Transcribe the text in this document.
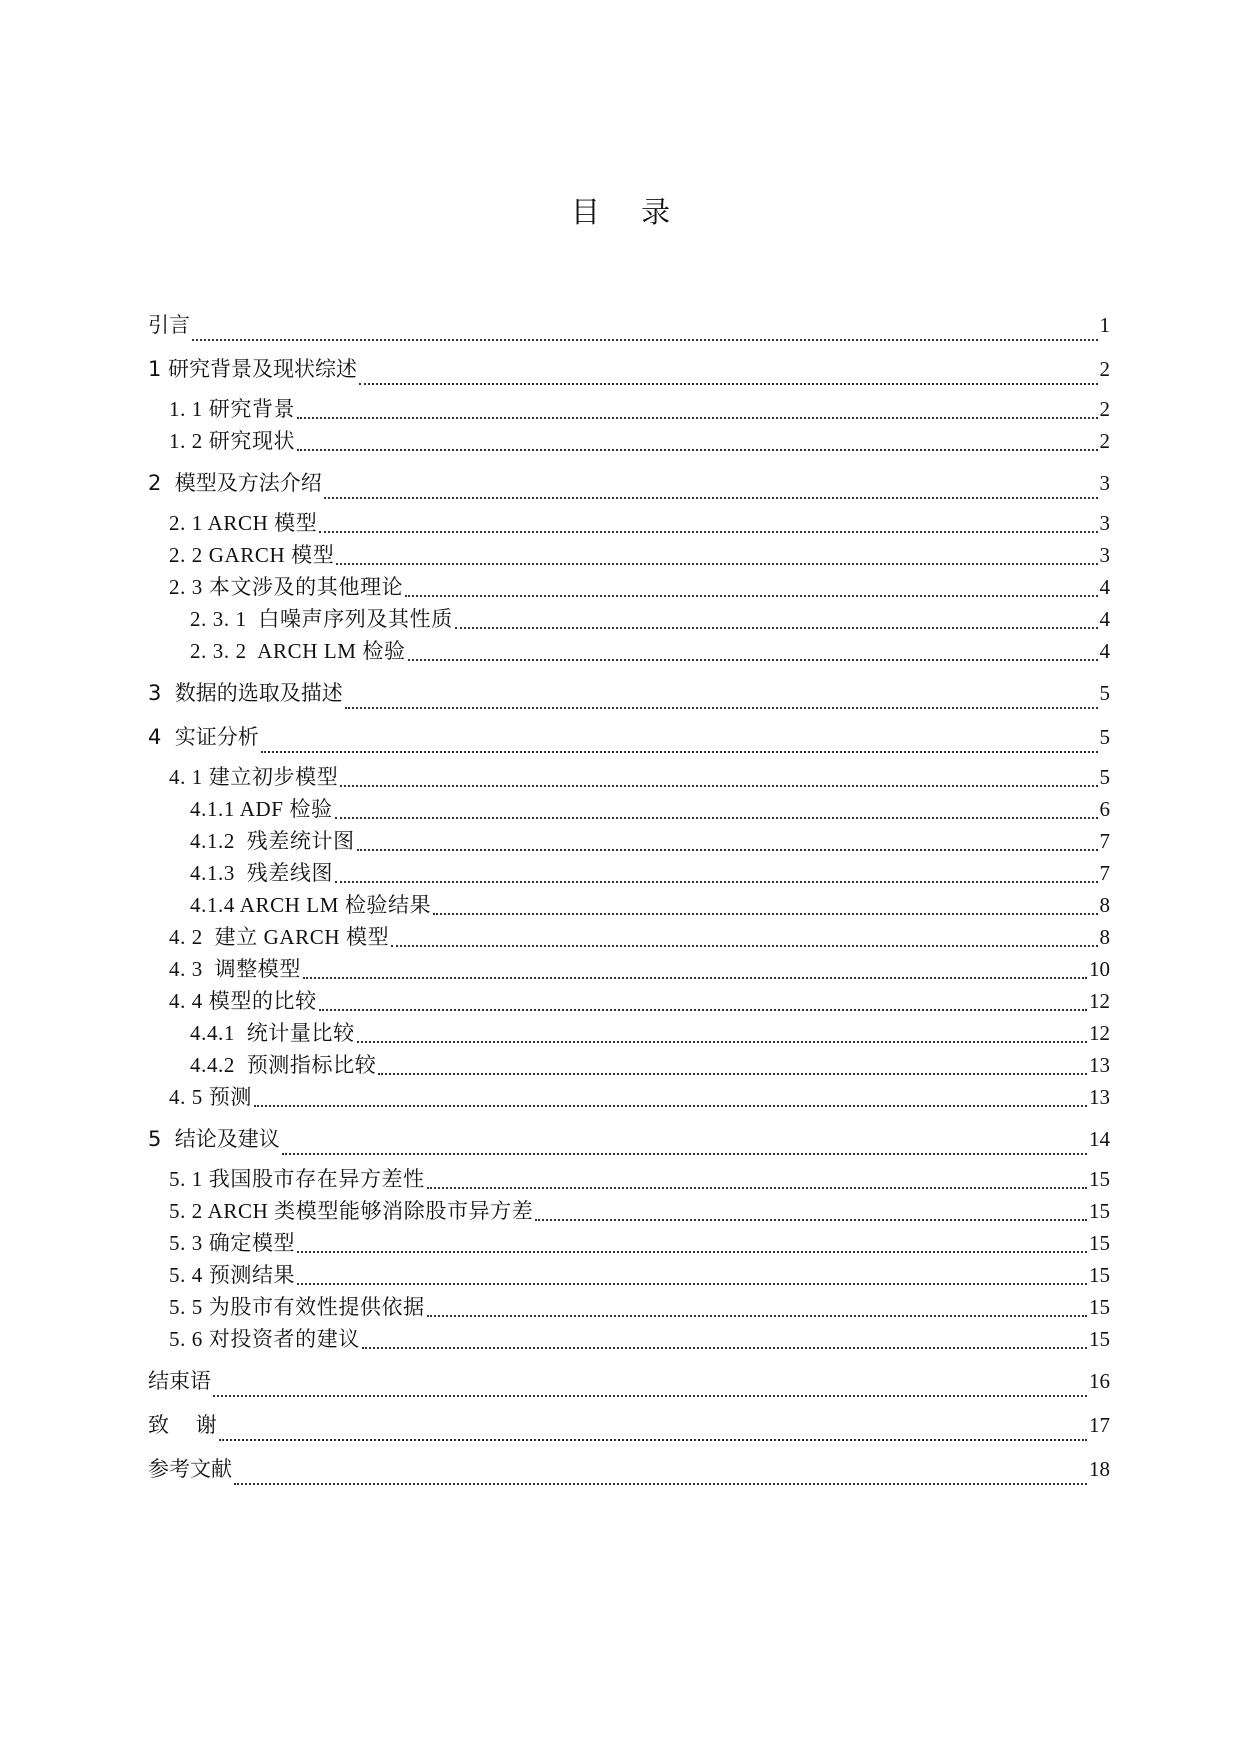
目 录
引言	1
1 研究背景及现状综述	2
1. 1 研究背景	2
1. 2 研究现状	2
2  模型及方法介绍	3
2. 1 ARCH 模型	3
2. 2 GARCH 模型	3
2. 3 本文涉及的其他理论	4
2. 3. 1  白噪声序列及其性质	4
2. 3. 2  ARCH LM 检验	4
3  数据的选取及描述	5
4  实证分析	5
4. 1 建立初步模型	5
4.1.1 ADF 检验	6
4.1.2  残差统计图	7
4.1.3  残差线图	7
4.1.4 ARCH LM 检验结果	8
4. 2  建立 GARCH 模型	8
4. 3  调整模型	10
4. 4 模型的比较	12
4.4.1  统计量比较	12
4.4.2  预测指标比较	13
4. 5 预测	13
5  结论及建议	14
5. 1 我国股市存在异方差性	15
5. 2 ARCH 类模型能够消除股市异方差	15
5. 3 确定模型	15
5. 4 预测结果	15
5. 5 为股市有效性提供依据	15
5. 6 对投资者的建议	15
结束语	16
致    谢	17
参考文献	18
